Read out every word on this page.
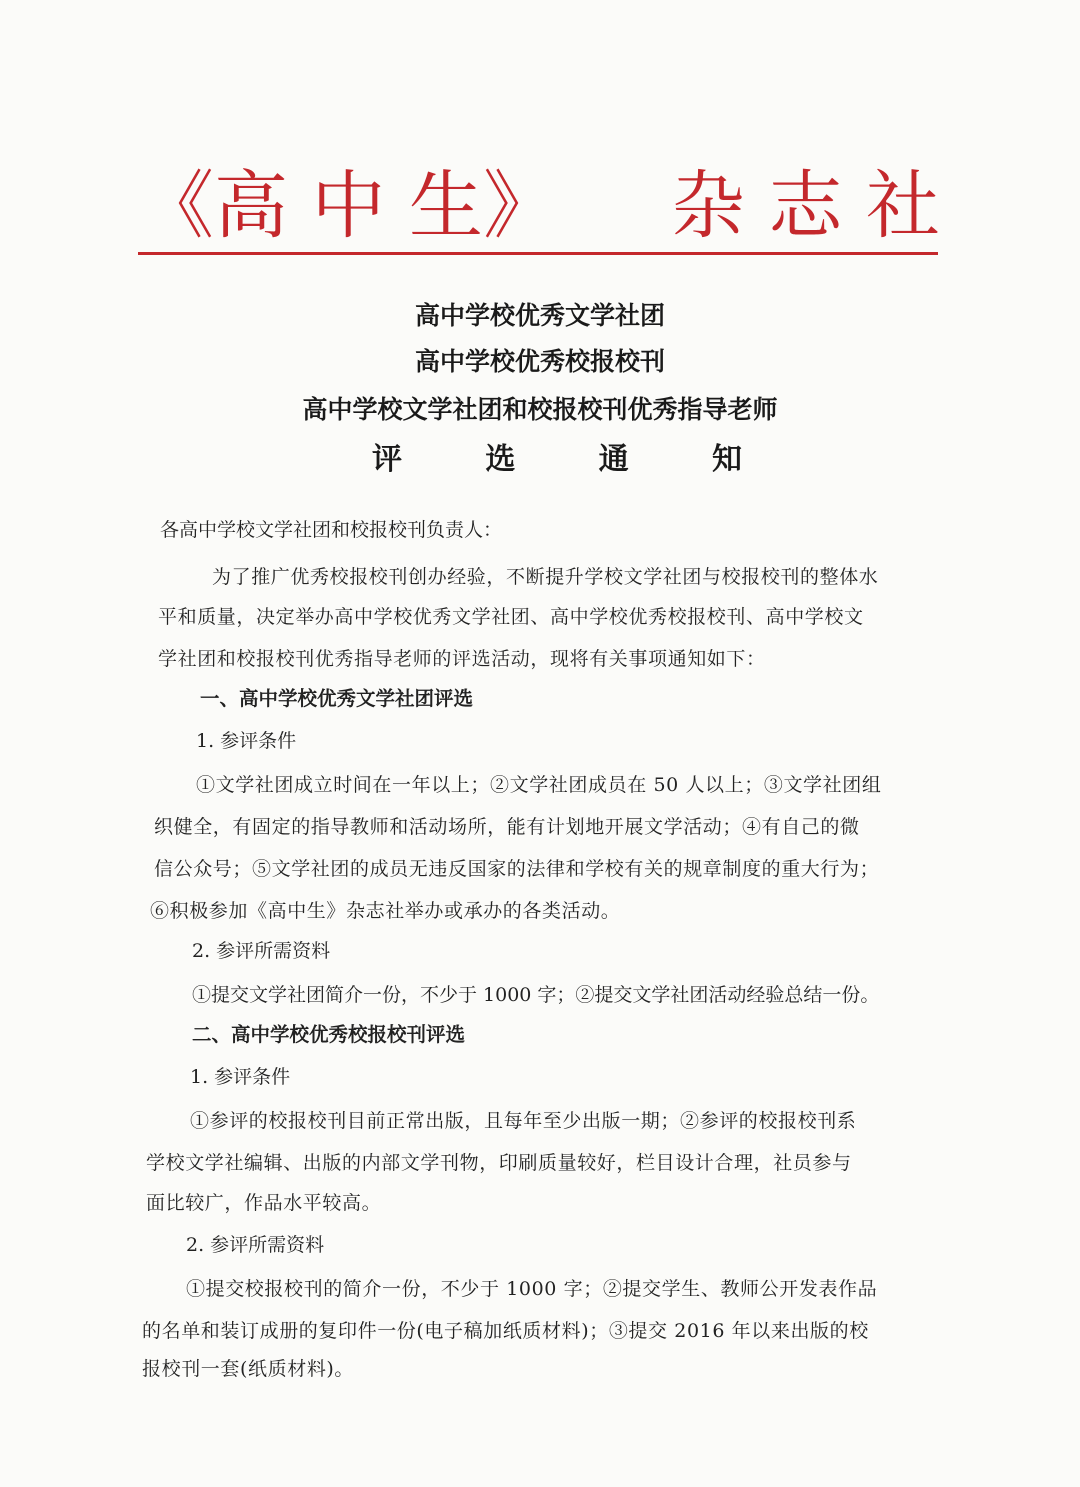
《高 中 生》 杂 志 社
高中学校优秀文学社团
高中学校优秀校报校刊
高中学校文学社团和校报校刊优秀指导老师
评	选	通	知
各高中学校文学社团和校报校刊负责人：
为了推广优秀校报校刊创办经验，不断提升学校文学社团与校报校刊的整体水
平和质量，决定举办高中学校优秀文学社团、高中学校优秀校报校刊、高中学校文
学社团和校报校刊优秀指导老师的评选活动，现将有关事项通知如下：
一、高中学校优秀文学社团评选
1. 参评条件
①文学社团成立时间在一年以上；②文学社团成员在 50 人以上；③文学社团组
织健全，有固定的指导教师和活动场所，能有计划地开展文学活动；④有自己的微
信公众号；⑤文学社团的成员无违反国家的法律和学校有关的规章制度的重大行为；
⑥积极参加《高中生》杂志社举办或承办的各类活动。
2. 参评所需资料
①提交文学社团简介一份，不少于 1000 字；②提交文学社团活动经验总结一份。
二、高中学校优秀校报校刊评选
1. 参评条件
①参评的校报校刊目前正常出版，且每年至少出版一期；②参评的校报校刊系
学校文学社编辑、出版的内部文学刊物，印刷质量较好，栏目设计合理，社员参与
面比较广，作品水平较高。
2. 参评所需资料
①提交校报校刊的简介一份，不少于 1000 字；②提交学生、教师公开发表作品
的名单和装订成册的复印件一份(电子稿加纸质材料)；③提交 2016 年以来出版的校
报校刊一套(纸质材料)。
